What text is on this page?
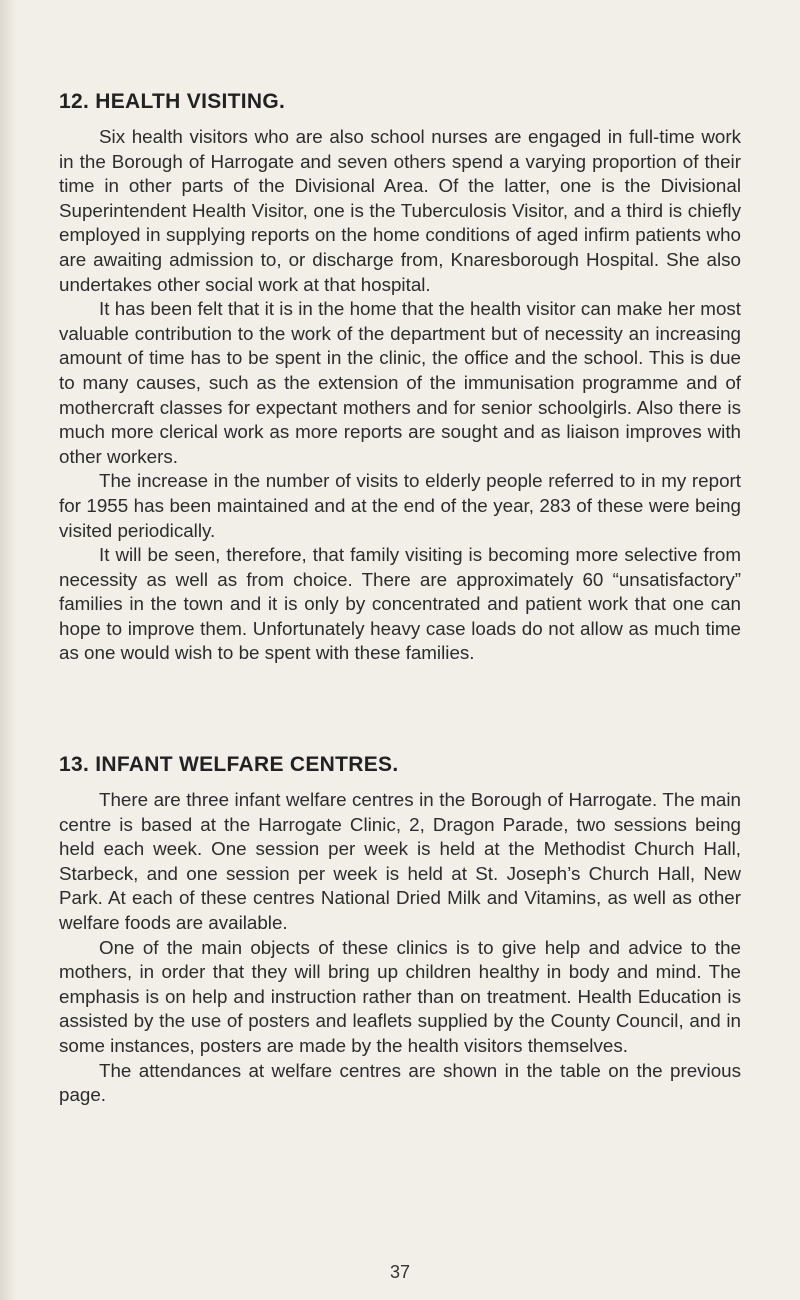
12. HEALTH VISITING.

Six health visitors who are also school nurses are engaged in full-time work in the Borough of Harrogate and seven others spend a varying proportion of their time in other parts of the Divisional Area. Of the latter, one is the Divisional Superintendent Health Visitor, one is the Tuberculosis Visitor, and a third is chiefly employed in supplying reports on the home conditions of aged infirm patients who are awaiting admission to, or discharge from, Knaresborough Hospital. She also undertakes other social work at that hospital.

It has been felt that it is in the home that the health visitor can make her most valuable contribution to the work of the department but of necessity an increasing amount of time has to be spent in the clinic, the office and the school. This is due to many causes, such as the extension of the immunisation programme and of mothercraft classes for expectant mothers and for senior schoolgirls. Also there is much more clerical work as more reports are sought and as liaison improves with other workers.

The increase in the number of visits to elderly people referred to in my report for 1955 has been maintained and at the end of the year, 283 of these were being visited periodically.

It will be seen, therefore, that family visiting is becoming more selective from necessity as well as from choice. There are approximately 60 “unsatisfactory” families in the town and it is only by concentrated and patient work that one can hope to improve them. Unfortunately heavy case loads do not allow as much time as one would wish to be spent with these families.

13. INFANT WELFARE CENTRES.

There are three infant welfare centres in the Borough of Harrogate. The main centre is based at the Harrogate Clinic, 2, Dragon Parade, two sessions being held each week. One session per week is held at the Methodist Church Hall, Starbeck, and one session per week is held at St. Joseph’s Church Hall, New Park. At each of these centres National Dried Milk and Vitamins, as well as other welfare foods are available.

One of the main objects of these clinics is to give help and advice to the mothers, in order that they will bring up children healthy in body and mind. The emphasis is on help and instruction rather than on treatment. Health Education is assisted by the use of posters and leaflets supplied by the County Council, and in some instances, posters are made by the health visitors themselves.

The attendances at welfare centres are shown in the table on the previous page.

37
